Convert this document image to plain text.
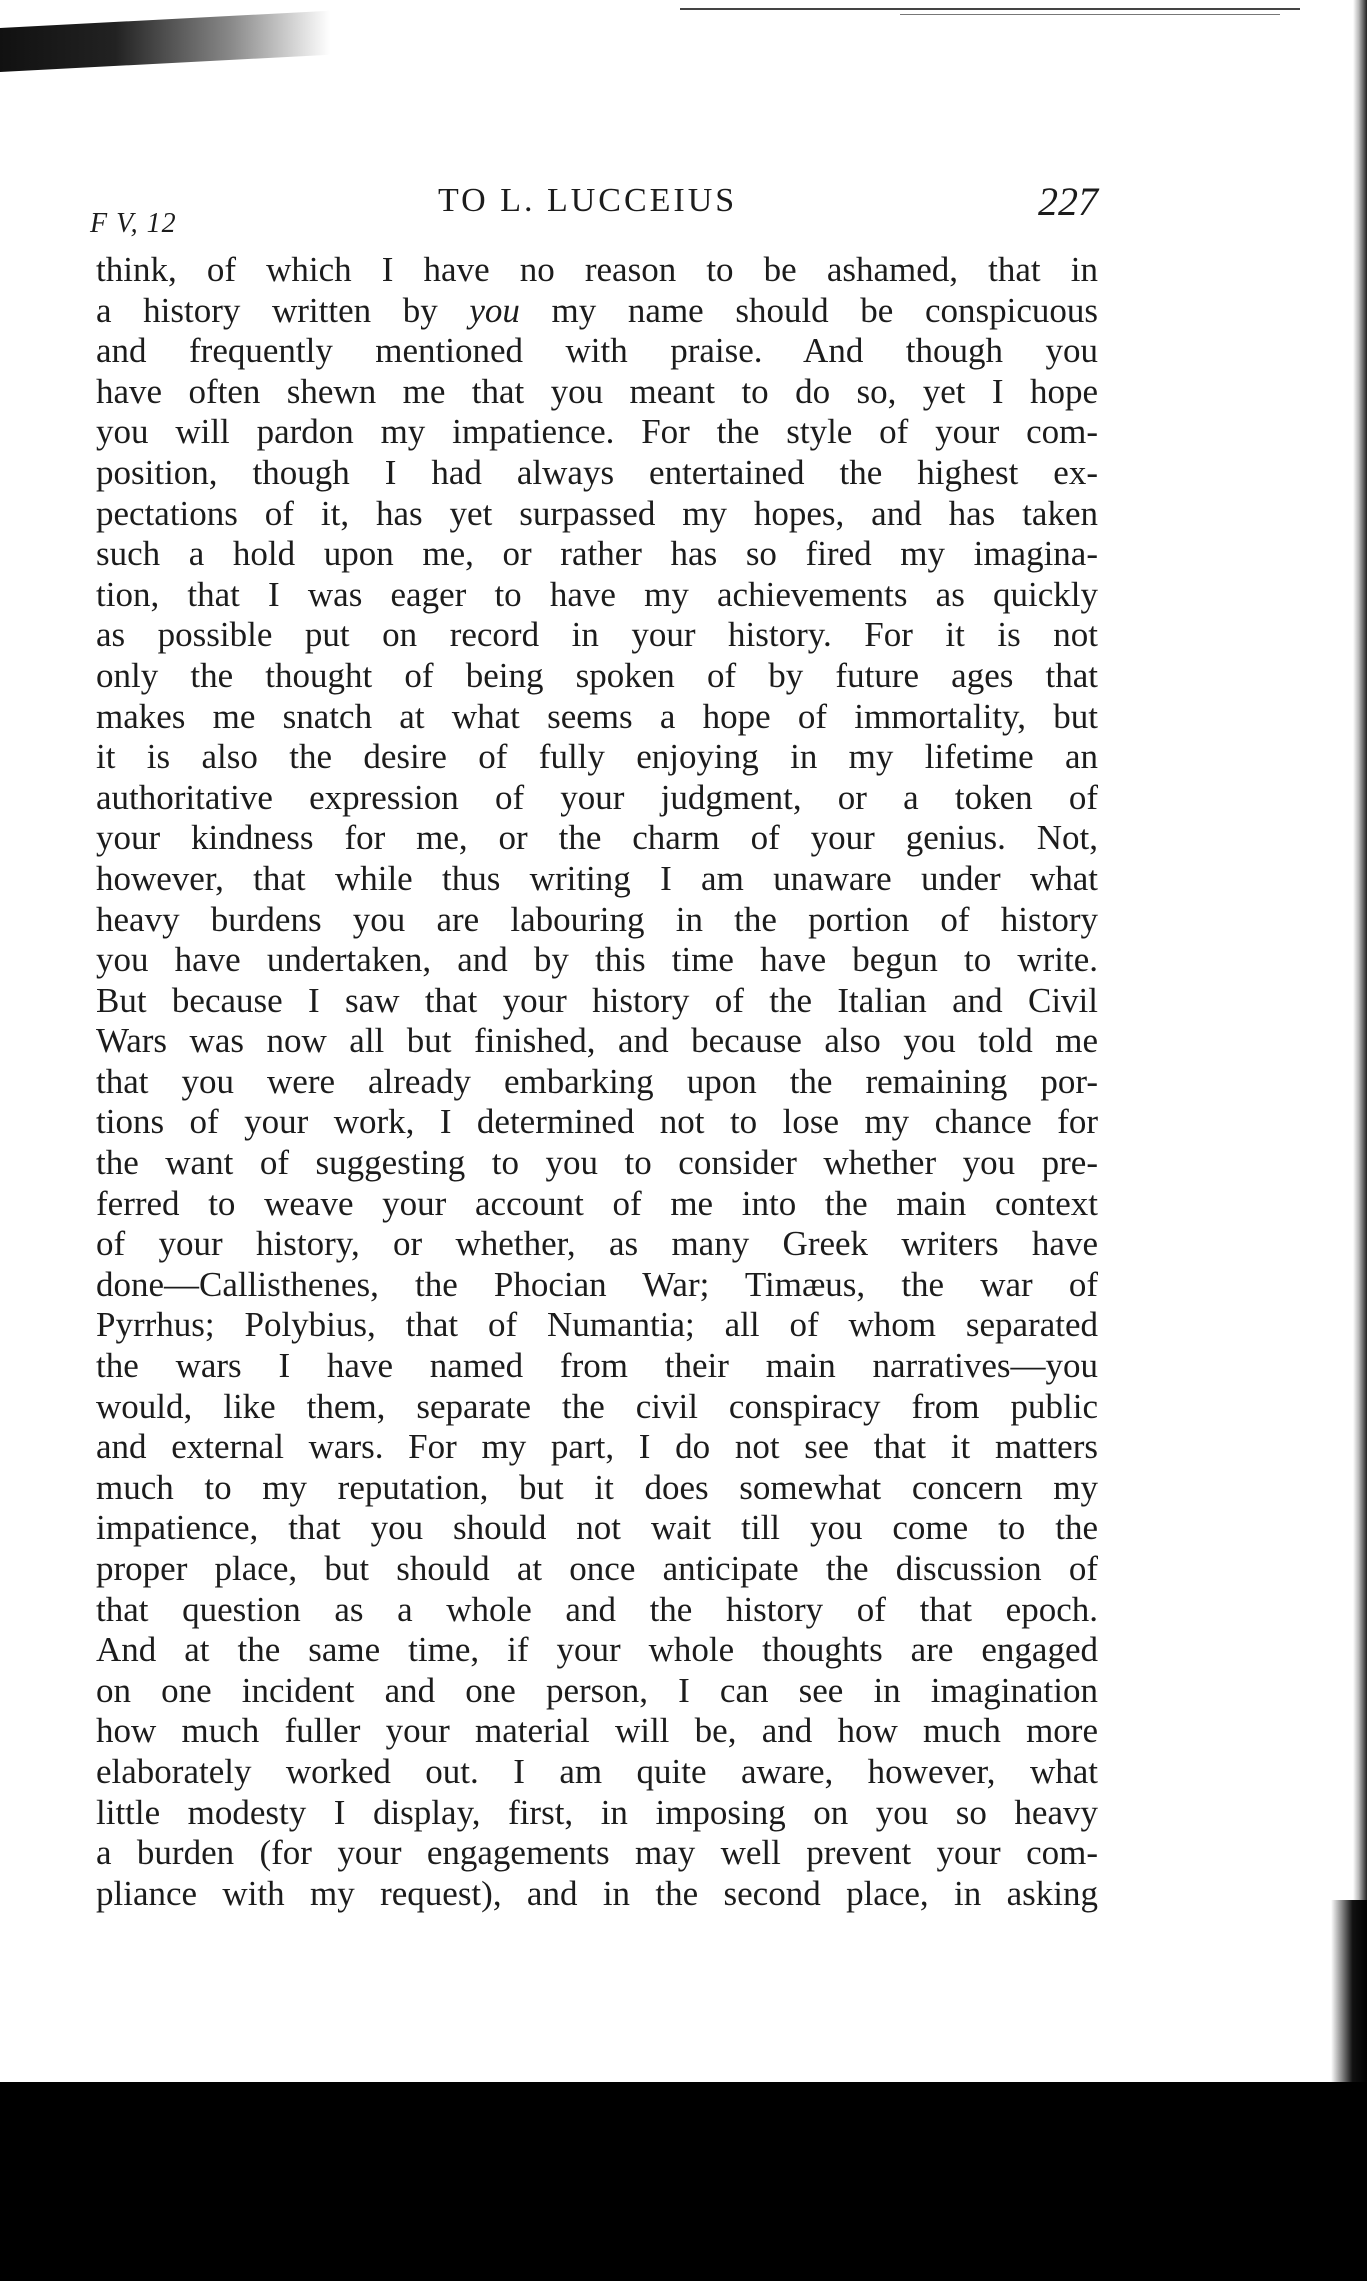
F V, 12
TO L. LUCCEIUS	227
think, of which I have no reason to be ashamed, that in
a history written by you my name should be conspicuous
and frequently mentioned with praise. And though you
have often shewn me that you meant to do so, yet I hope
you will pardon my impatience. For the style of your com-
position, though I had always entertained the highest ex-
pectations of it, has yet surpassed my hopes, and has taken
such a hold upon me, or rather has so fired my imagina-
tion, that I was eager to have my achievements as quickly
as possible put on record in your history. For it is not
only the thought of being spoken of by future ages that
makes me snatch at what seems a hope of immortality, but
it is also the desire of fully enjoying in my lifetime an
authoritative expression of your judgment, or a token of
your kindness for me, or the charm of your genius. Not,
however, that while thus writing I am unaware under what
heavy burdens you are labouring in the portion of history
you have undertaken, and by this time have begun to write.
But because I saw that your history of the Italian and Civil
Wars was now all but finished, and because also you told me
that you were already embarking upon the remaining por-
tions of your work, I determined not to lose my chance for
the want of suggesting to you to consider whether you pre-
ferred to weave your account of me into the main context
of your history, or whether, as many Greek writers have
done—Callisthenes, the Phocian War; Timæus, the war of
Pyrrhus; Polybius, that of Numantia; all of whom separated
the wars I have named from their main narratives—you
would, like them, separate the civil conspiracy from public
and external wars. For my part, I do not see that it matters
much to my reputation, but it does somewhat concern my
impatience, that you should not wait till you come to the
proper place, but should at once anticipate the discussion of
that question as a whole and the history of that epoch.
And at the same time, if your whole thoughts are engaged
on one incident and one person, I can see in imagination
how much fuller your material will be, and how much more
elaborately worked out. I am quite aware, however, what
little modesty I display, first, in imposing on you so heavy
a burden (for your engagements may well prevent your com-
pliance with my request), and in the second place, in asking
